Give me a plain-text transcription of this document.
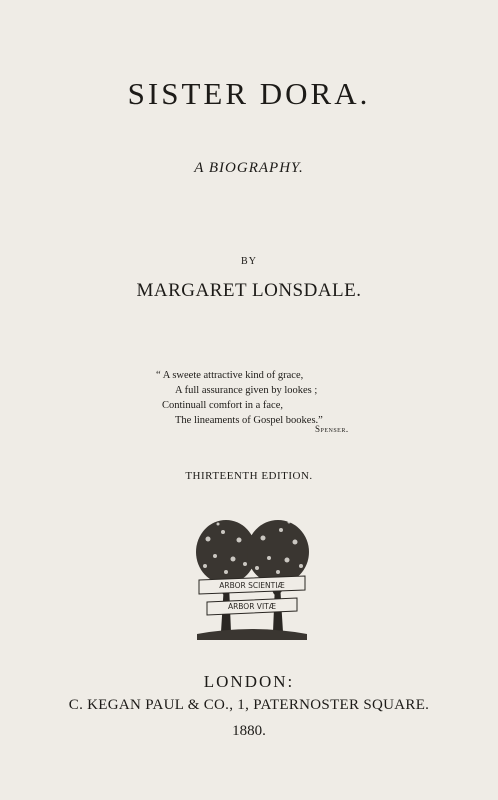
SISTER DORA.
A BIOGRAPHY.
BY
MARGARET LONSDALE.
“ A sweete attractive kind of grace,
A full assurance given by lookes ;
Continuall comfort in a face,
The lineaments of Gospel bookes.”
Spenser.
THIRTEENTH EDITION.
ARBOR SCIENTIÆ
ARBOR VITÆ
LONDON:
C. KEGAN PAUL & CO., 1, PATERNOSTER SQUARE.
1880.
